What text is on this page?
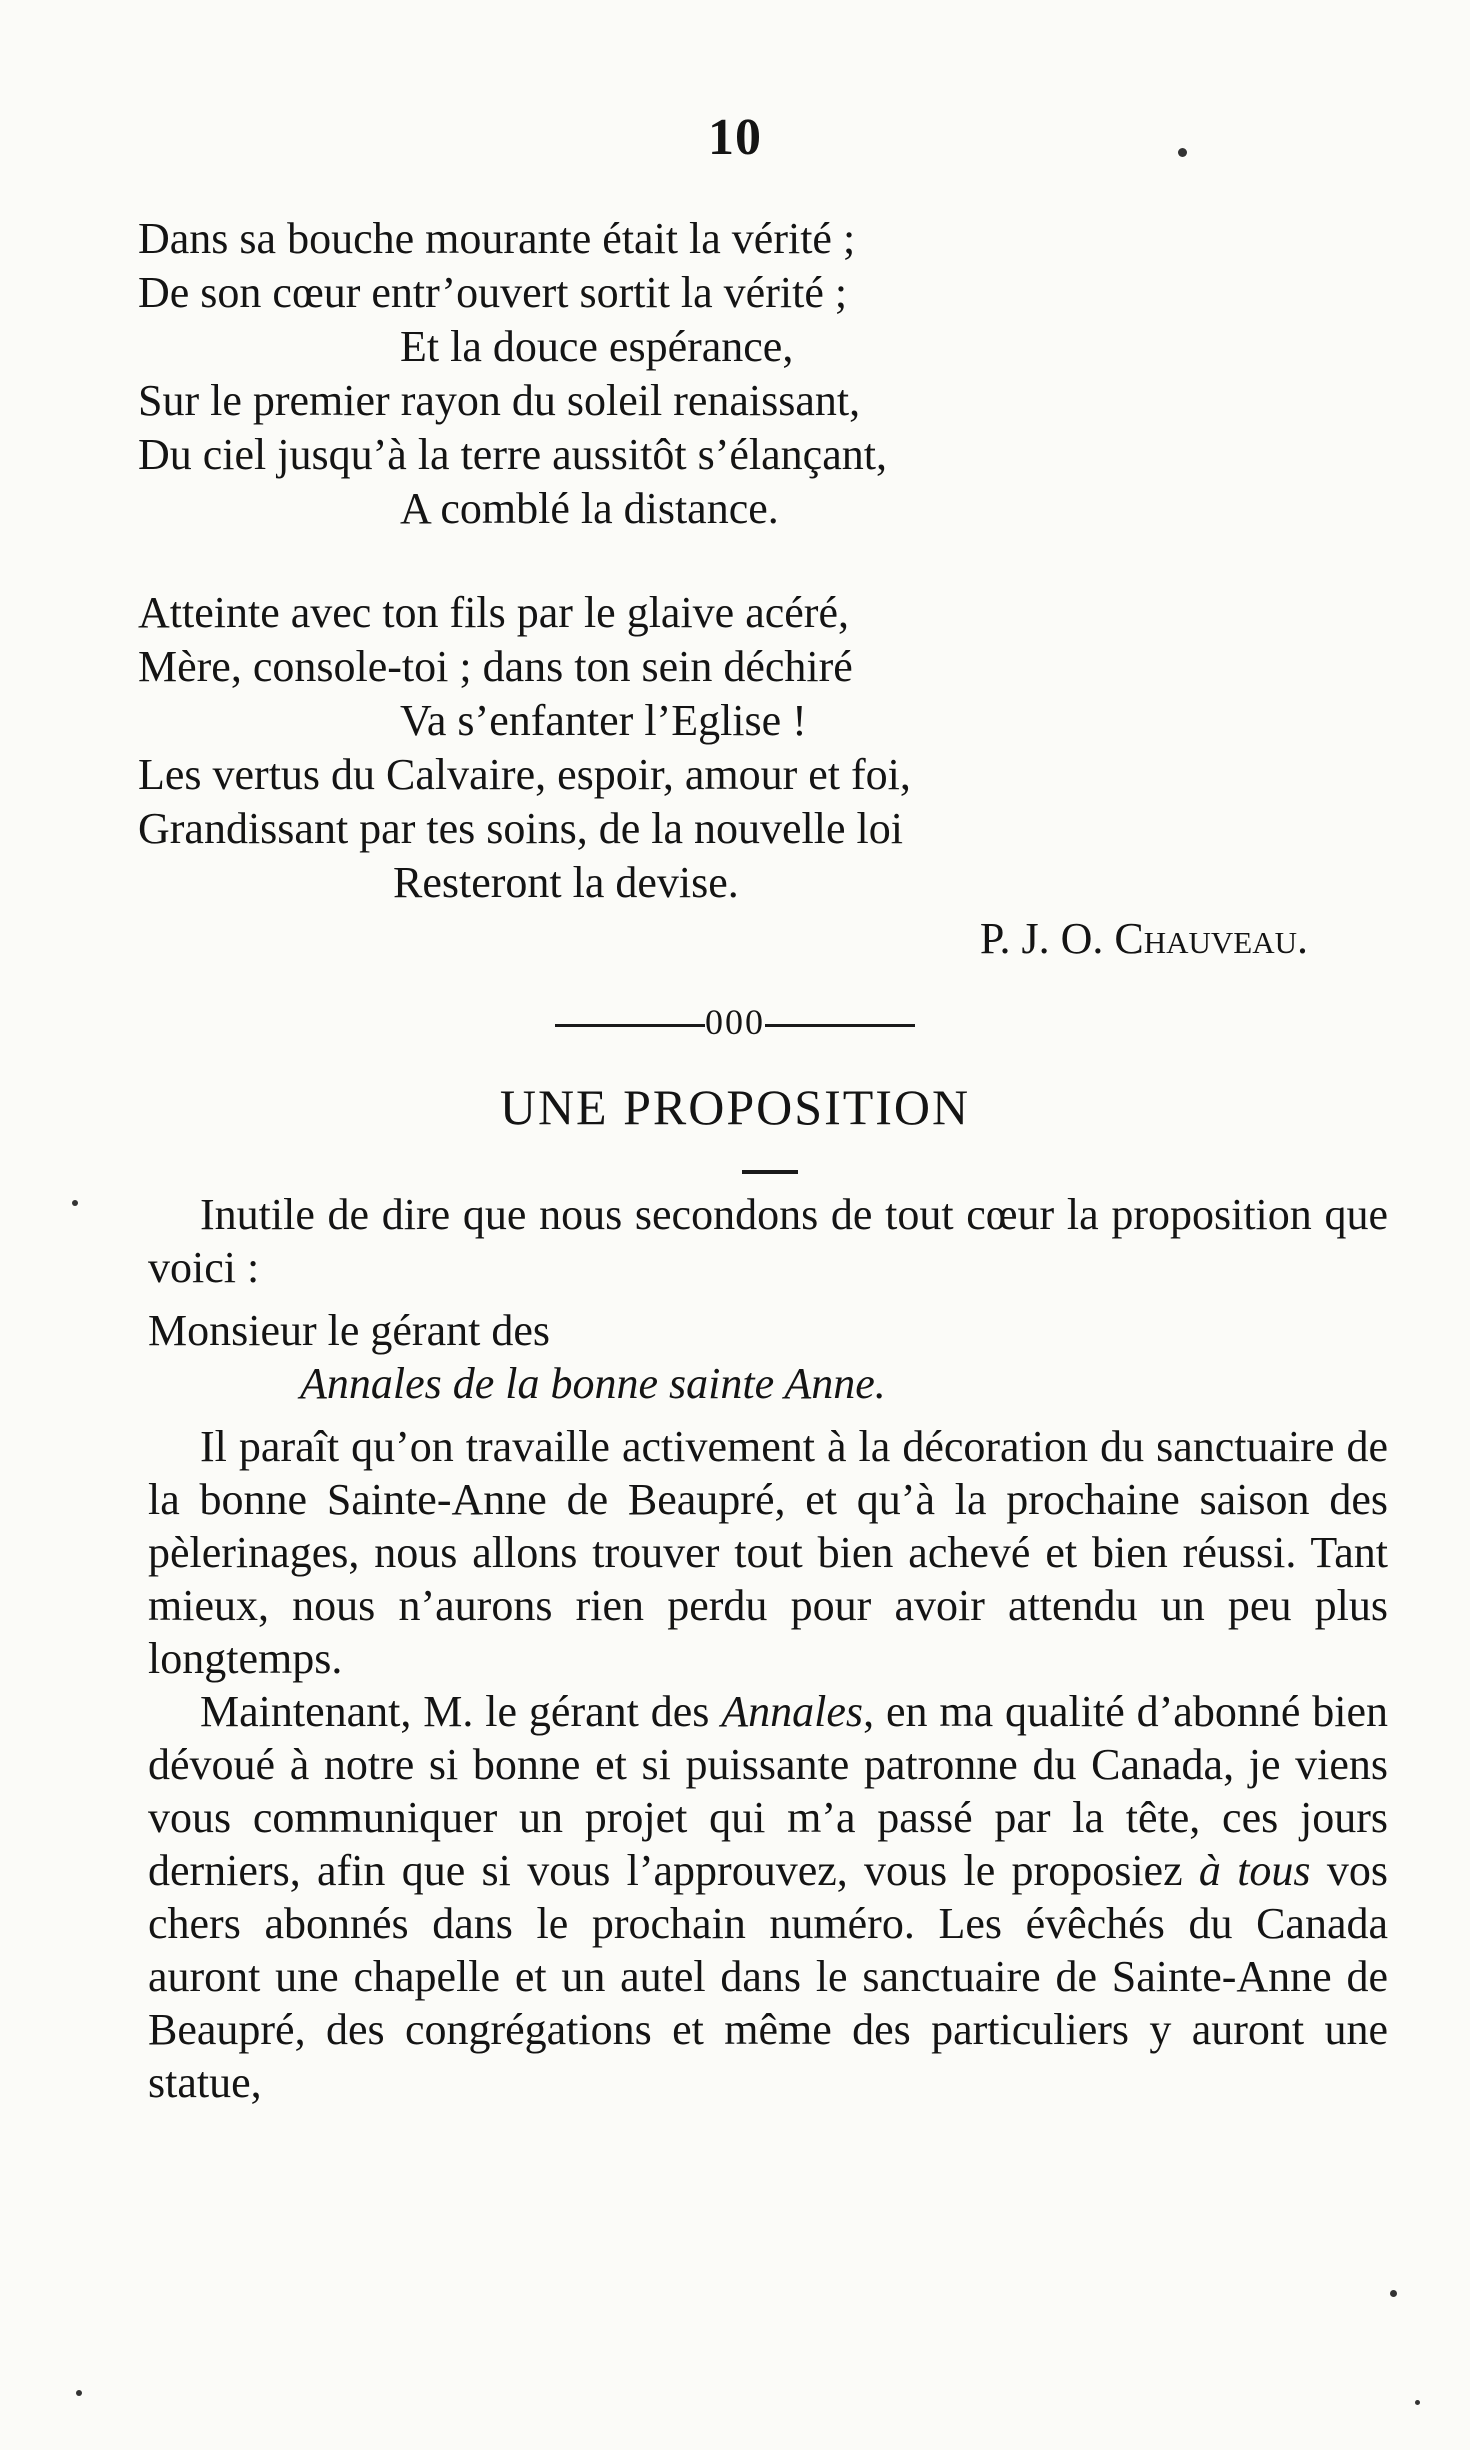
10
Dans sa bouche mourante était la vérité ;
De son cœur entr’ouvert sortit la vérité ;
Et la douce espérance,
Sur le premier rayon du soleil renaissant,
Du ciel jusqu’à la terre aussitôt s’élançant,
A comblé la distance.
Atteinte avec ton fils par le glaive acéré,
Mère, console-toi ; dans ton sein déchiré
Va s’enfanter l’Eglise !
Les vertus du Calvaire, espoir, amour et foi,
Grandissant par tes soins, de la nouvelle loi
Resteront la devise.
P. J. O. Chauveau.
000
UNE PROPOSITION

Inutile de dire que nous secondons de tout cœur la proposition que voici :

Monsieur le gérant des
Annales de la bonne sainte Anne.

Il paraît qu’on travaille activement à la décoration du sanctuaire de la bonne Sainte-Anne de Beaupré, et qu’à la prochaine saison des pèlerinages, nous allons trouver tout bien achevé et bien réussi. Tant mieux, nous n’aurons rien perdu pour avoir attendu un peu plus longtemps.

Maintenant, M. le gérant des Annales, en ma qualité d’abonné bien dévoué à notre si bonne et si puissante patronne du Canada, je viens vous communiquer un projet qui m’a passé par la tête, ces jours derniers, afin que si vous l’approuvez, vous le proposiez à tous vos chers abonnés dans le prochain numéro. Les évêchés du Canada auront une chapelle et un autel dans le sanctuaire de Sainte-Anne de Beaupré, des congrégations et même des particuliers y auront une statue,
